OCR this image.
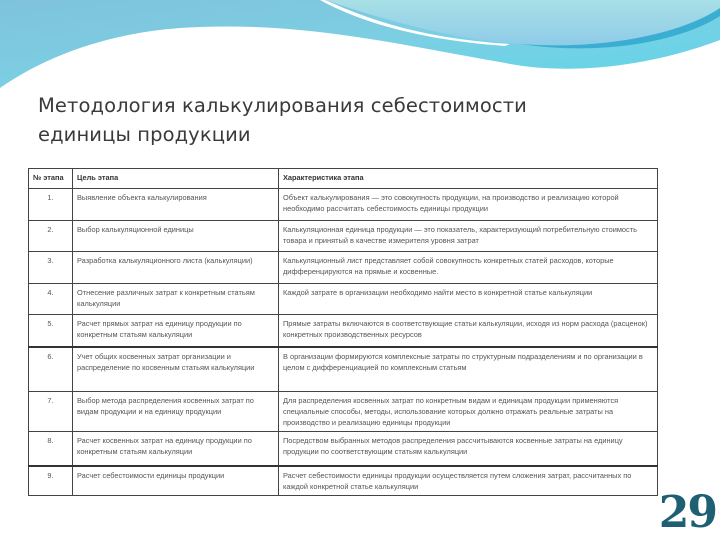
Методология калькулирования себестоимости
единицы продукции
№ этапа	Цель этапа	Характеристика этапа
1.	Выявление объекта калькулирования	Объект калькулирования — это совокупность продукции, на производство и реализацию которой необходимо рассчитать себестоимость единицы продукции
2.	Выбор калькуляционной единицы	Калькуляционная единица продукции — это показатель, характеризующий потребительную стоимость товара и принятый в качестве измерителя уровня затрат
3.	Разработка калькуляционного листа (калькуляции)	Калькуляционный лист представляет собой совокупность конкретных статей расходов, которые дифференцируются на прямые и косвенные.
4.	Отнесение различных затрат к конкретным статьям калькуляции	Каждой затрате в организации необходимо найти место в конкретной статье калькуляции
5.	Расчет прямых затрат на единицу продукции по конкретным статьям калькуляции	Прямые затраты включаются в соответствующие статьи калькуляции, исходя из норм расхода (расценок) конкретных производственных ресурсов
6.	Учет общих косвенных затрат организации и распределение по косвенным статьям калькуляции	В организации формируются комплексные затраты по структурным подразделениям и по организации в целом с дифференциацией по комплексным статьям
7.	Выбор метода распределения косвенных затрат по видам продукции и на единицу продукции	Для распределения косвенных затрат по конкретным видам и единицам продукции применяются специальные способы, методы, использование которых должно отражать реальные затраты на производство и реализацию единицы продукции
8.	Расчет косвенных затрат на единицу продукции по конкретным статьям калькуляции	Посредством выбранных методов распределения рассчитываются косвенные затраты на единицу продукции по соответствующим статьям калькуляции
9.	Расчет себестоимости единицы продукции	Расчет себестоимости единицы продукции осуществляется путем сложения затрат, рассчитанных по каждой конкретной статье калькуляции
29
